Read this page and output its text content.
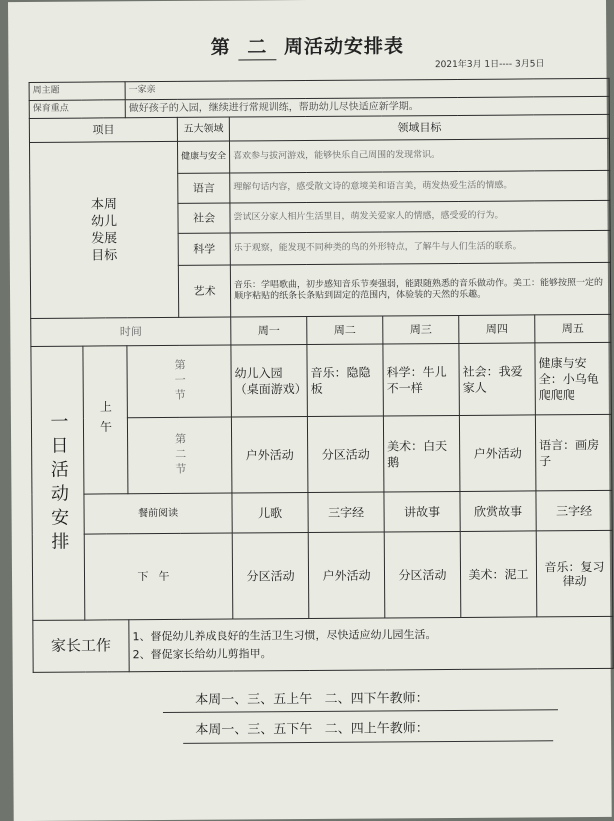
第 二 周活动安排表
2021年3月 1日---- 3月5日
周主题		一家亲						
保育重点		做好孩子的入园，继续进行常规训练，帮助幼儿尽快适应新学期。						
项目			五大领域	领域目标				

本周幼儿发展目标			健康与安全	喜欢参与拔河游戏，能够快乐自己周围的发现常识。				
			语言	理解句话内容，感受散文诗的意境美和语言美，萌发热爱生活的情感。				
			社会	尝试区分家人相片生活里目，萌发关爱家人的情感，感受爱的行为。				
			科学	乐于观察，能发现不同种类的鸟的外形特点，了解牛与人们生活的联系。				
			艺术	音乐：学唱歌曲，初步感知音乐节奏强弱，能跟随熟悉的音乐做动作。美工：能够按照一定的顺序粘贴的纸条长条贴到固定的范围内，体验装的天然的乐趣。				
时间				周一	周二	周三	周四	周五

一日活动安排	上午	第一节		幼儿入园（桌面游戏）	音乐：隐隐板	科学：牛儿不一样	社会：我爱家人	健康与安全：小乌龟爬爬爬

		第二节		户外活动	分区活动	美术：白天鹅	户外活动	语言：画房子
	餐前阅读			儿歌	三字经	讲故事	欣赏故事	三字经
	下午			分区活动	户外活动	分区活动	美术：泥工	音乐：复习律动
家长工作		1、督促幼儿养成良好的生活卫生习惯，尽快适应幼儿园生活。
2、督促家长给幼儿剪指甲。						
本周一、三、五上午   二、四下午教师：
本周一、三、五下午   二、四上午教师：
